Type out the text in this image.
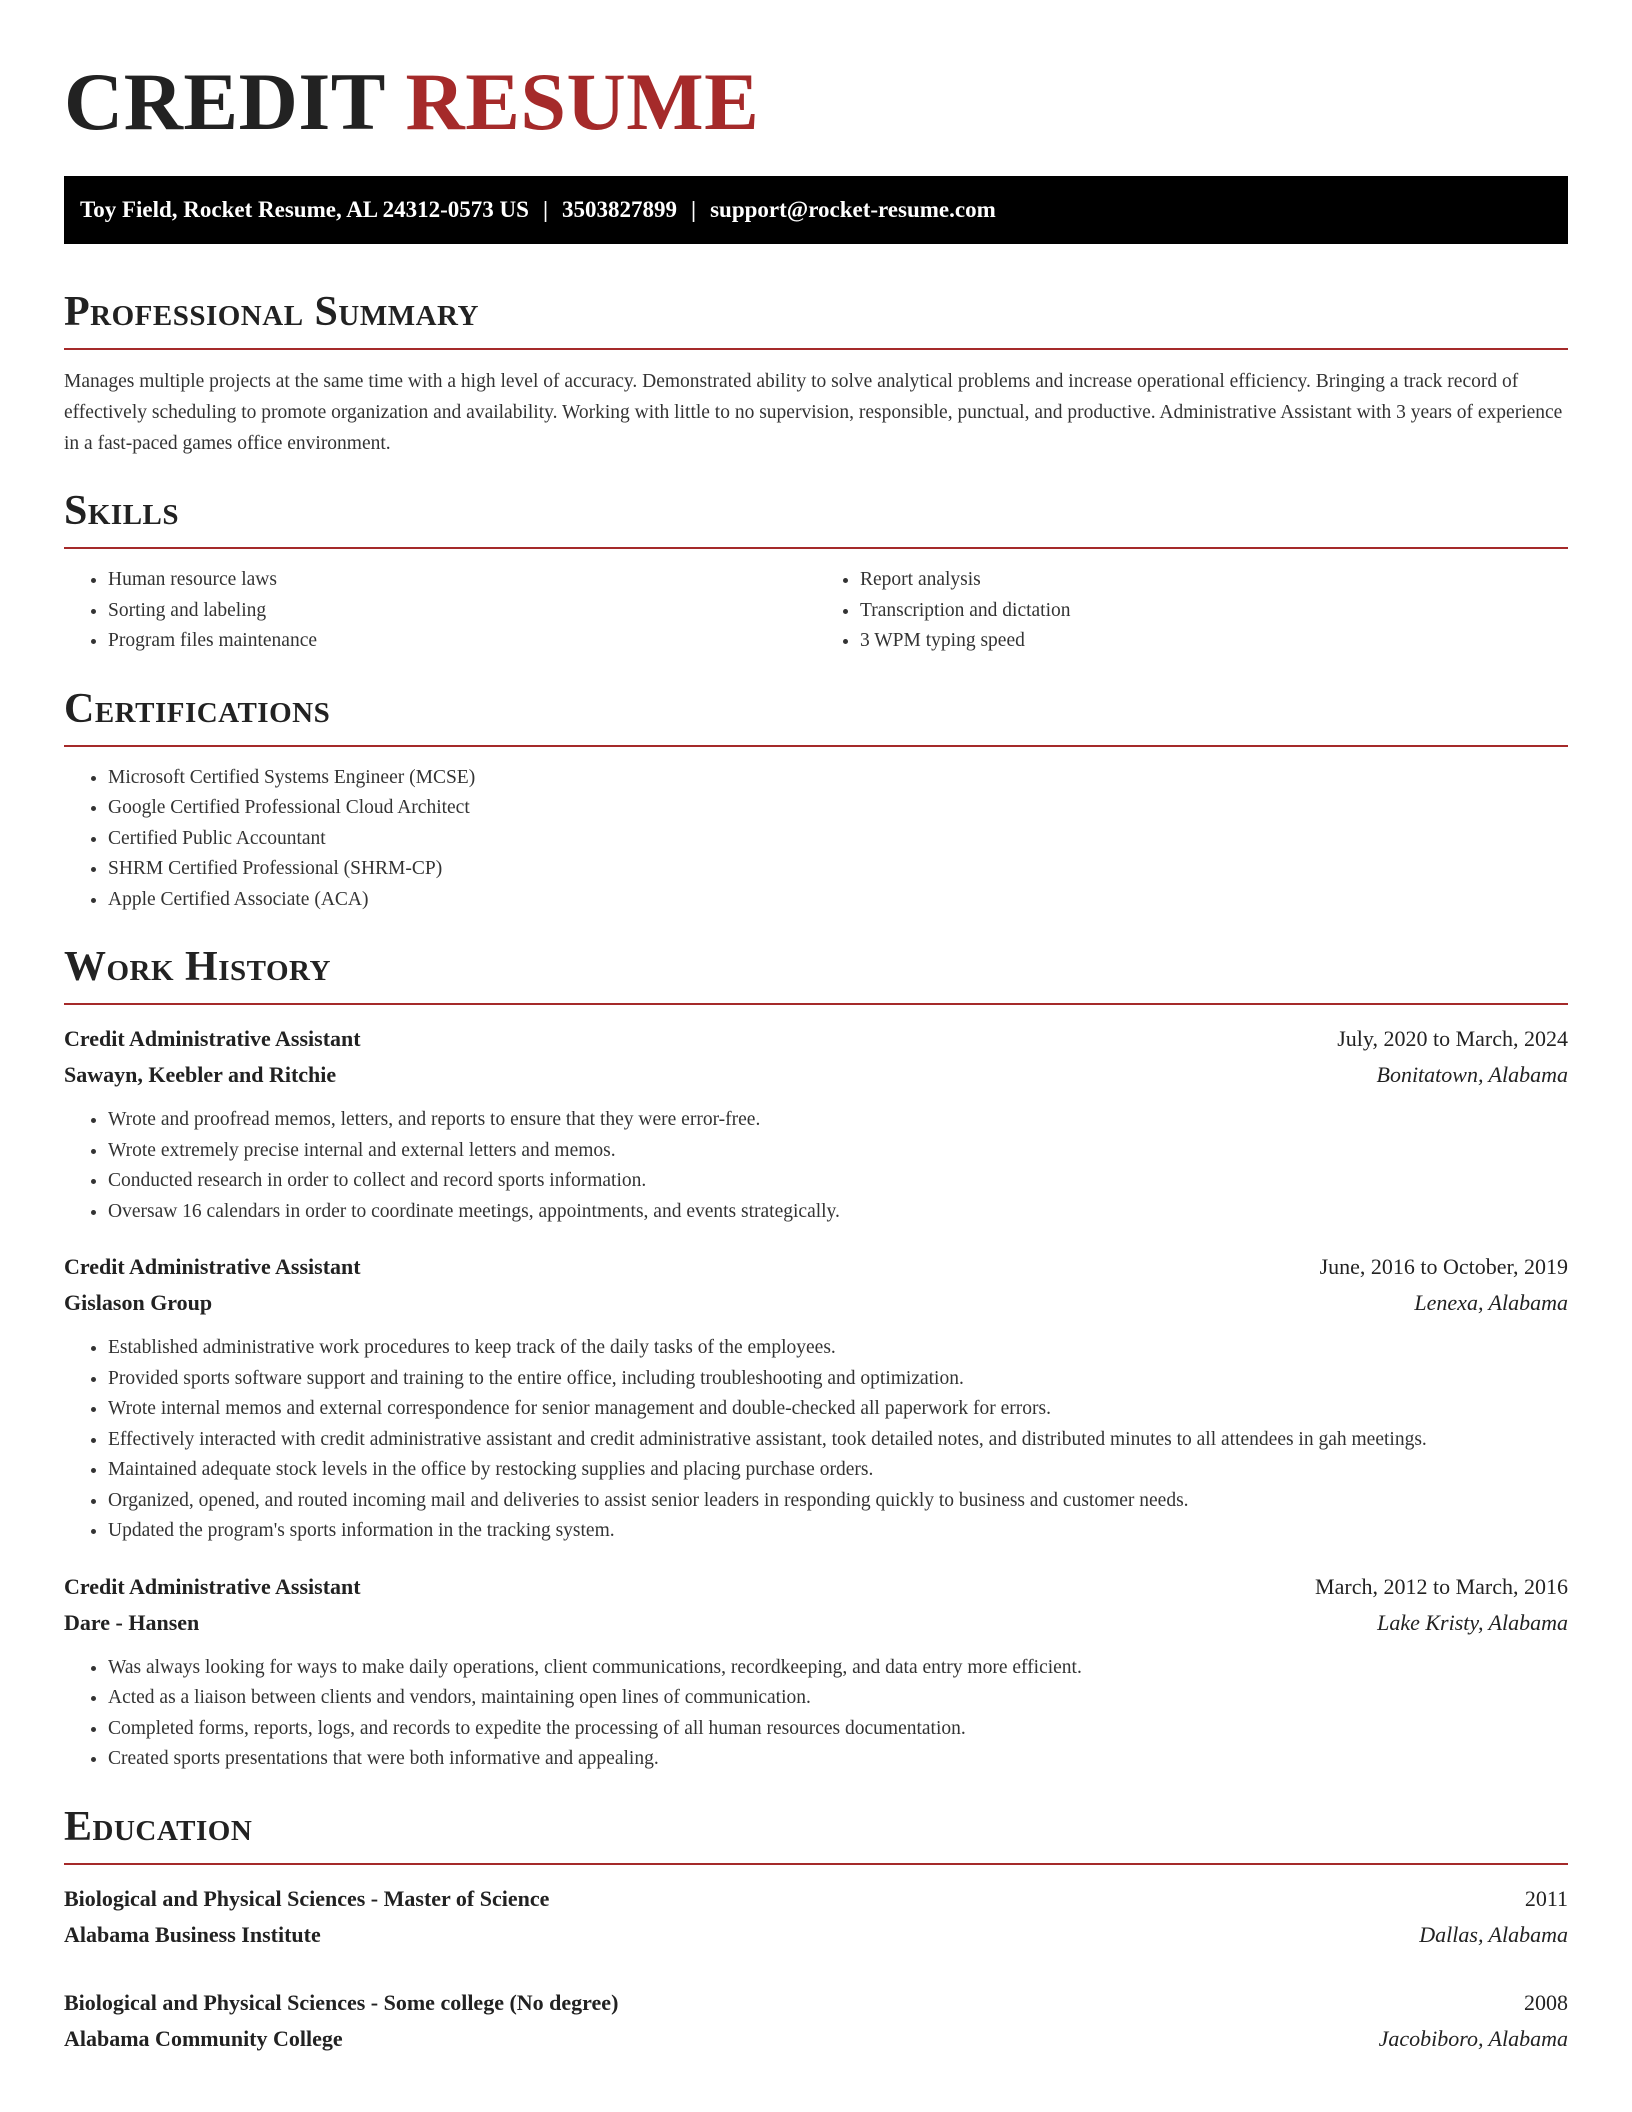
CREDIT RESUME
Toy Field, Rocket Resume, AL 24312-0573 US | 3503827899 | support@rocket-resume.com
Professional Summary

Manages multiple projects at the same time with a high level of accuracy. Demonstrated ability to solve analytical problems and increase operational efficiency. Bringing a track record of effectively scheduling to promote organization and availability. Working with little to no supervision, responsible, punctual, and productive. Administrative Assistant with 3 years of experience in a fast-paced games office environment.

Skills
• Human resource laws
• Sorting and labeling
• Program files maintenance
• Report analysis
• Transcription and dictation
• 3 WPM typing speed
Certifications
• Microsoft Certified Systems Engineer (MCSE)
• Google Certified Professional Cloud Architect
• Certified Public Accountant
• SHRM Certified Professional (SHRM-CP)
• Apple Certified Associate (ACA)
Work History
Credit Administrative Assistant	July, 2020 to March, 2024
Sawayn, Keebler and Ritchie	Bonitatown, Alabama
• Wrote and proofread memos, letters, and reports to ensure that they were error-free.
• Wrote extremely precise internal and external letters and memos.
• Conducted research in order to collect and record sports information.
• Oversaw 16 calendars in order to coordinate meetings, appointments, and events strategically.
Credit Administrative Assistant	June, 2016 to October, 2019
Gislason Group	Lenexa, Alabama
• Established administrative work procedures to keep track of the daily tasks of the employees.
• Provided sports software support and training to the entire office, including troubleshooting and optimization.
• Wrote internal memos and external correspondence for senior management and double-checked all paperwork for errors.
• Effectively interacted with credit administrative assistant and credit administrative assistant, took detailed notes, and distributed minutes to all attendees in gah meetings.
• Maintained adequate stock levels in the office by restocking supplies and placing purchase orders.
• Organized, opened, and routed incoming mail and deliveries to assist senior leaders in responding quickly to business and customer needs.
• Updated the program's sports information in the tracking system.
Credit Administrative Assistant	March, 2012 to March, 2016
Dare - Hansen	Lake Kristy, Alabama
• Was always looking for ways to make daily operations, client communications, recordkeeping, and data entry more efficient.
• Acted as a liaison between clients and vendors, maintaining open lines of communication.
• Completed forms, reports, logs, and records to expedite the processing of all human resources documentation.
• Created sports presentations that were both informative and appealing.
Education
Biological and Physical Sciences - Master of Science	2011
Alabama Business Institute	Dallas, Alabama
Biological and Physical Sciences - Some college (No degree)	2008
Alabama Community College	Jacobiboro, Alabama
